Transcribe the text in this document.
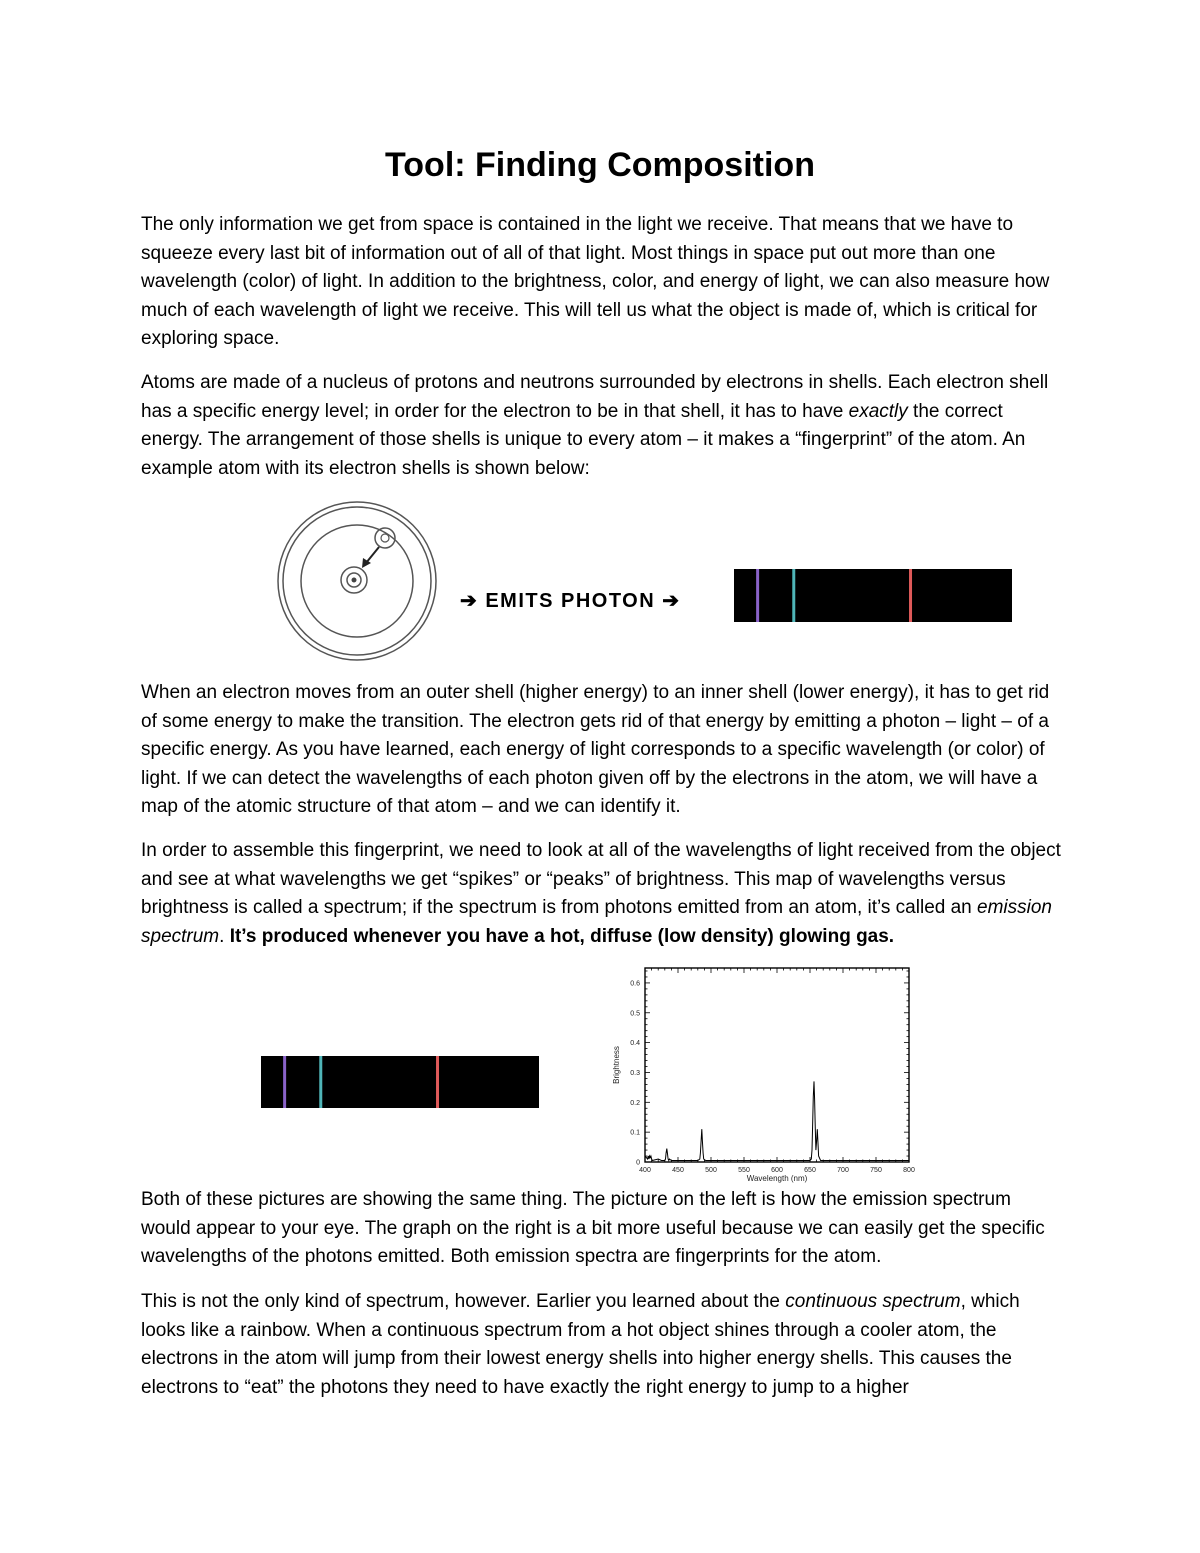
Tool: Finding Composition

The only information we get from space is contained in the light we receive. That means that we have to squeeze every last bit of information out of all of that light. Most things in space put out more than one wavelength (color) of light. In addition to the brightness, color, and energy of light, we can also measure how much of each wavelength of light we receive. This will tell us what the object is made of, which is critical for exploring space.

Atoms are made of a nucleus of protons and neutrons surrounded by electrons in shells. Each electron shell has a specific energy level; in order for the electron to be in that shell, it has to have exactly the correct energy. The arrangement of those shells is unique to every atom – it makes a “fingerprint” of the atom. An example atom with its electron shells is shown below:

➔ EMITS PHOTON ➔

When an electron moves from an outer shell (higher energy) to an inner shell (lower energy), it has to get rid of some energy to make the transition. The electron gets rid of that energy by emitting a photon – light – of a specific energy. As you have learned, each energy of light corresponds to a specific wavelength (or color) of light. If we can detect the wavelengths of each photon given off by the electrons in the atom, we will have a map of the atomic structure of that atom – and we can identify it.

In order to assemble this fingerprint, we need to look at all of the wavelengths of light received from the object and see at what wavelengths we get “spikes” or “peaks” of brightness. This map of wavelengths versus brightness is called a spectrum; if the spectrum is from photons emitted from an atom, it’s called an emission spectrum. It’s produced whenever you have a hot, diffuse (low density) glowing gas.

400	450	500	550	600	650	700	750	800
0
0.1
0.2
0.3
0.4
0.5
0.6
Wavelength (nm)
Brightness

Both of these pictures are showing the same thing. The picture on the left is how the emission spectrum would appear to your eye. The graph on the right is a bit more useful because we can easily get the specific wavelengths of the photons emitted. Both emission spectra are fingerprints for the atom.

This is not the only kind of spectrum, however. Earlier you learned about the continuous spectrum, which looks like a rainbow. When a continuous spectrum from a hot object shines through a cooler atom, the electrons in the atom will jump from their lowest energy shells into higher energy shells. This causes the electrons to “eat” the photons they need to have exactly the right energy to jump to a higher
